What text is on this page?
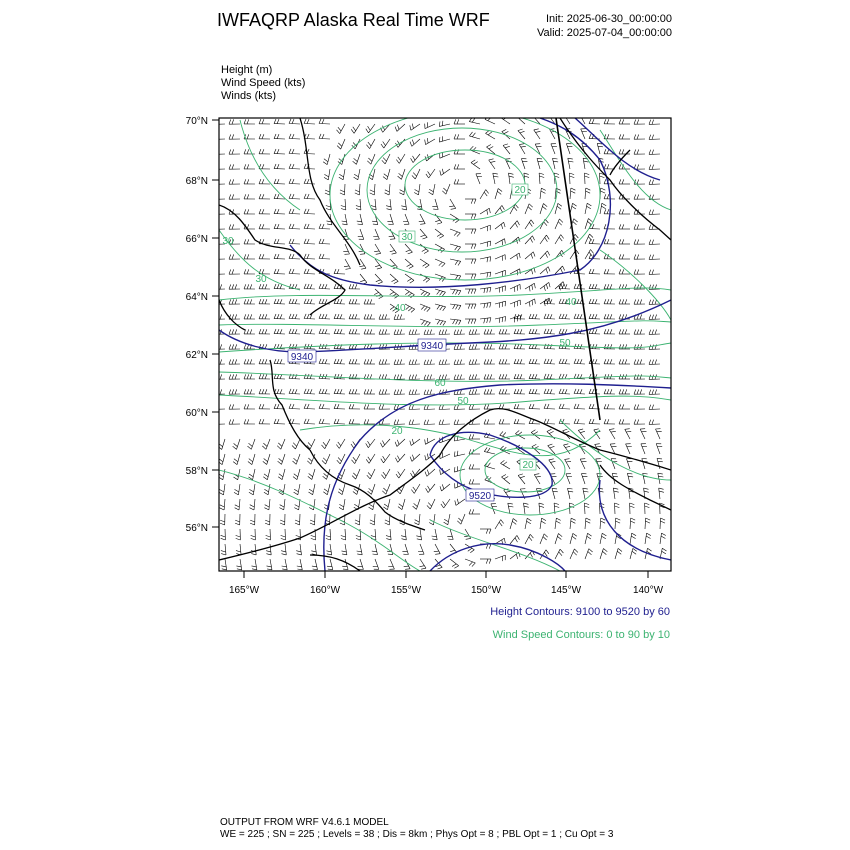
IWFAQRP Alaska Real Time WRF	Init: 2025-06-30_00:00:00
Valid: 2025-07-04_00:00:00
Height (m)
Wind Speed (kts)
Winds (kts)
70°N
68°N
66°N
64°N
62°N
60°N
58°N
56°N
165°W	160°W	155°W	150°W	145°W	140°W
9340
9340
9520
20
30
30
40
50
60
50
40
20
20
30
Height Contours: 9100 to 9520 by 60
Wind Speed Contours: 0 to 90 by 10
OUTPUT FROM WRF V4.6.1 MODEL
WE = 225 ; SN = 225 ; Levels = 38 ; Dis = 8km ; Phys Opt = 8 ; PBL Opt = 1 ; Cu Opt = 3
